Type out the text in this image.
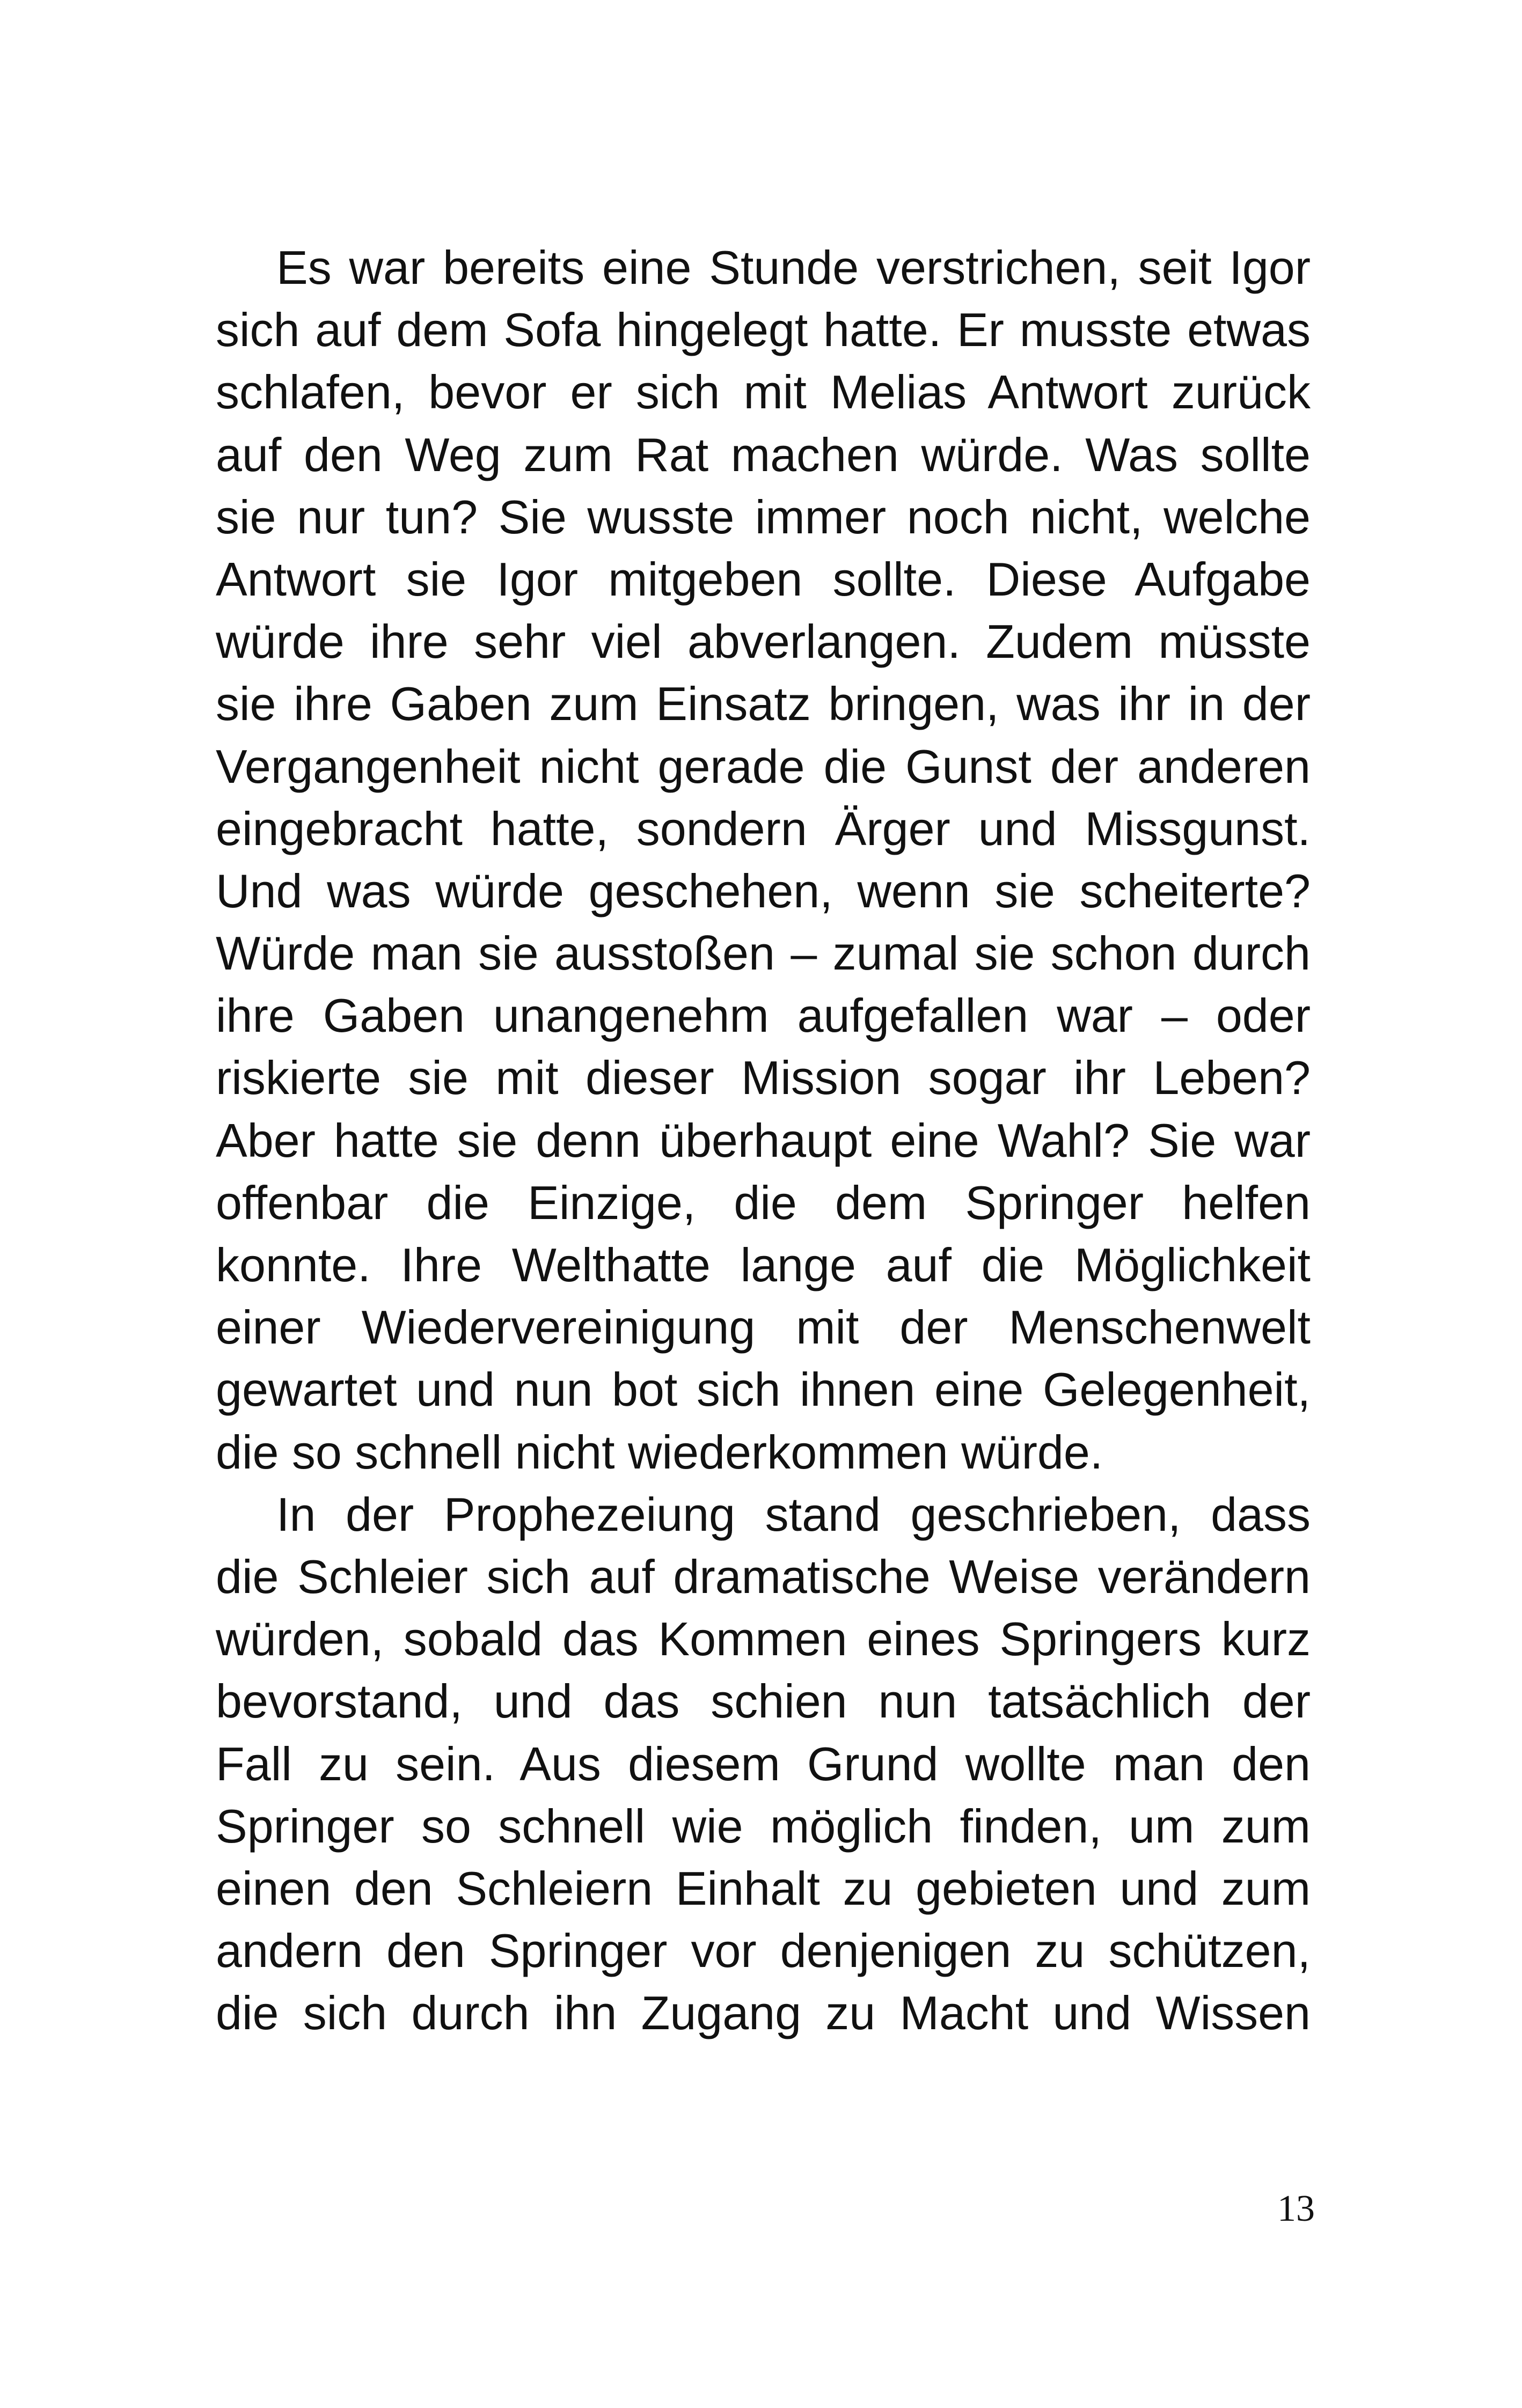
Es war bereits eine Stunde verstrichen, seit Igor
sich auf dem Sofa hingelegt hatte. Er musste etwas
schlafen, bevor er sich mit Melias Antwort zurück
auf den Weg zum Rat machen würde. Was sollte
sie nur tun? Sie wusste immer noch nicht, welche
Antwort sie Igor mitgeben sollte. Diese Aufgabe
würde ihre sehr viel abverlangen. Zudem müsste
sie ihre Gaben zum Einsatz bringen, was ihr in der
Vergangenheit nicht gerade die Gunst der anderen
eingebracht hatte, sondern Ärger und Missgunst.
Und was würde geschehen, wenn sie scheiterte?
Würde man sie ausstoßen – zumal sie schon durch
ihre Gaben unangenehm aufgefallen war – oder
riskierte sie mit dieser Mission sogar ihr Leben?
Aber hatte sie denn überhaupt eine Wahl? Sie war
offenbar die Einzige, die dem Springer helfen
konnte. Ihre Welthatte lange auf die Möglichkeit
einer Wiedervereinigung mit der Menschenwelt
gewartet und nun bot sich ihnen eine Gelegenheit,
die so schnell nicht wiederkommen würde.
In der Prophezeiung stand geschrieben, dass
die Schleier sich auf dramatische Weise verändern
würden, sobald das Kommen eines Springers kurz
bevorstand, und das schien nun tatsächlich der
Fall zu sein. Aus diesem Grund wollte man den
Springer so schnell wie möglich finden, um zum
einen den Schleiern Einhalt zu gebieten und zum
andern den Springer vor denjenigen zu schützen,
die sich durch ihn Zugang zu Macht und Wissen
13
